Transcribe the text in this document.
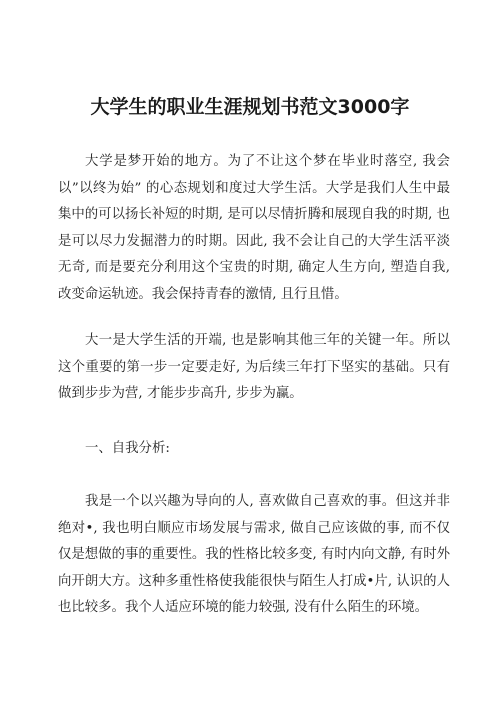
大学生的职业生涯规划书范文3000字

大学是梦开始的地方。为了不让这个梦在毕业时落空, 我会以”以终为始” 的心态规划和度过大学生活。大学是我们人生中最集中的可以扬长补短的时期, 是可以尽情折腾和展现自我的时期, 也是可以尽力发掘潜力的时期。因此, 我不会让自己的大学生活平淡无奇, 而是要充分利用这个宝贵的时期, 确定人生方向, 塑造自我, 改变命运轨迹。我会保持青春的激情, 且行且惜。

大一是大学生活的开端, 也是影响其他三年的关键一年。所以这个重要的第一步一定要走好, 为后续三年打下坚实的基础。只有做到步步为营, 才能步步高升, 步步为赢。

一、自我分析:

我是一个以兴趣为导向的人, 喜欢做自己喜欢的事。但这并非绝对•, 我也明白顺应市场发展与需求, 做自己应该做的事, 而不仅仅是想做的事的重要性。我的性格比较多变, 有时内向文静, 有时外向开朗大方。这种多重性格使我能很快与陌生人打成•片, 认识的人也比较多。我个人适应环境的能力较强, 没有什么陌生的环境。
